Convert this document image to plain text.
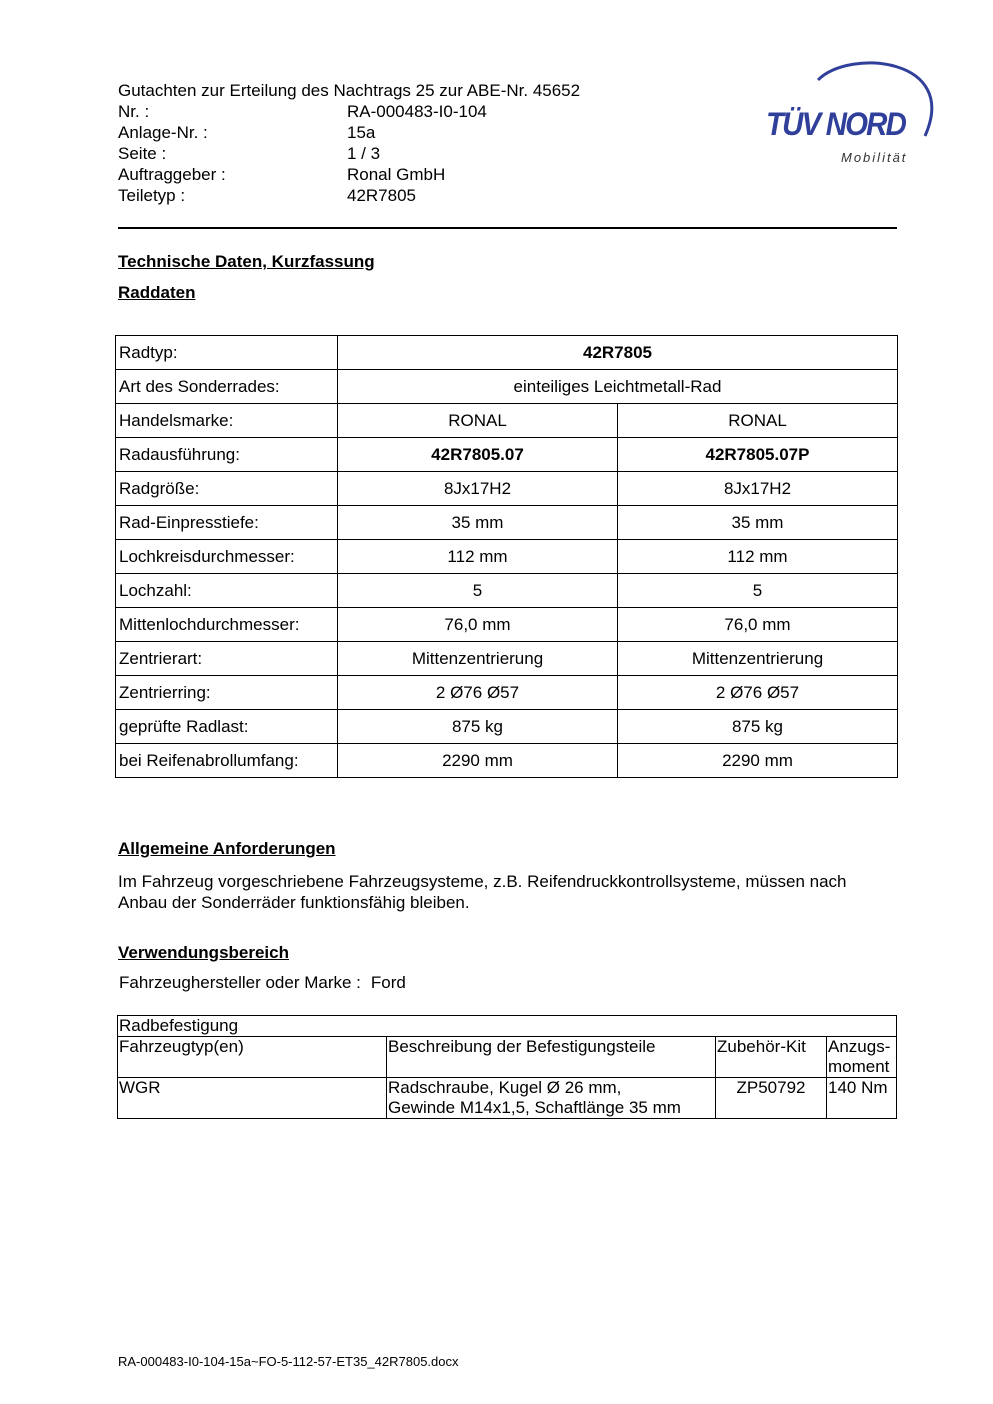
Gutachten zur Erteilung des Nachtrags 25 zur ABE-Nr. 45652
Nr. :	RA-000483-I0-104
Anlage-Nr. :	15a
Seite :	1 / 3
Auftraggeber :	Ronal GmbH
Teiletyp :	42R7805
TÜV NORD
Mobilität
Technische Daten, Kurzfassung
Raddaten
Radtyp:	42R7805	
Art des Sonderrades:	einteiliges Leichtmetall-Rad	
Handelsmarke:	RONAL	RONAL
Radausführung:	42R7805.07	42R7805.07P
Radgröße:	8Jx17H2	8Jx17H2
Rad-Einpresstiefe:	35 mm	35 mm
Lochkreisdurchmesser:	112 mm	112 mm
Lochzahl:	5	5
Mittenlochdurchmesser:	76,0 mm	76,0 mm
Zentrierart:	Mittenzentrierung	Mittenzentrierung
Zentrierring:	2 Ø76 Ø57	2 Ø76 Ø57
geprüfte Radlast:	875 kg	875 kg
bei Reifenabrollumfang:	2290 mm	2290 mm
Allgemeine Anforderungen
Im Fahrzeug vorgeschriebene Fahrzeugsysteme, z.B. Reifendruckkontrollsysteme, müssen nach Anbau der Sonderräder funktionsfähig bleiben.
Verwendungsbereich
Fahrzeughersteller oder Marke : Ford
Radbefestigung			
Fahrzeugtyp(en)	Beschreibung der Befestigungsteile	Zubehör-Kit	Anzugs-
moment

WGR	Radschraube, Kugel Ø 26 mm,
Gewinde M14x1,5, Schaftlänge 35 mm	ZP50792	140 Nm
RA-000483-I0-104-15a~FO-5-112-57-ET35_42R7805.docx
